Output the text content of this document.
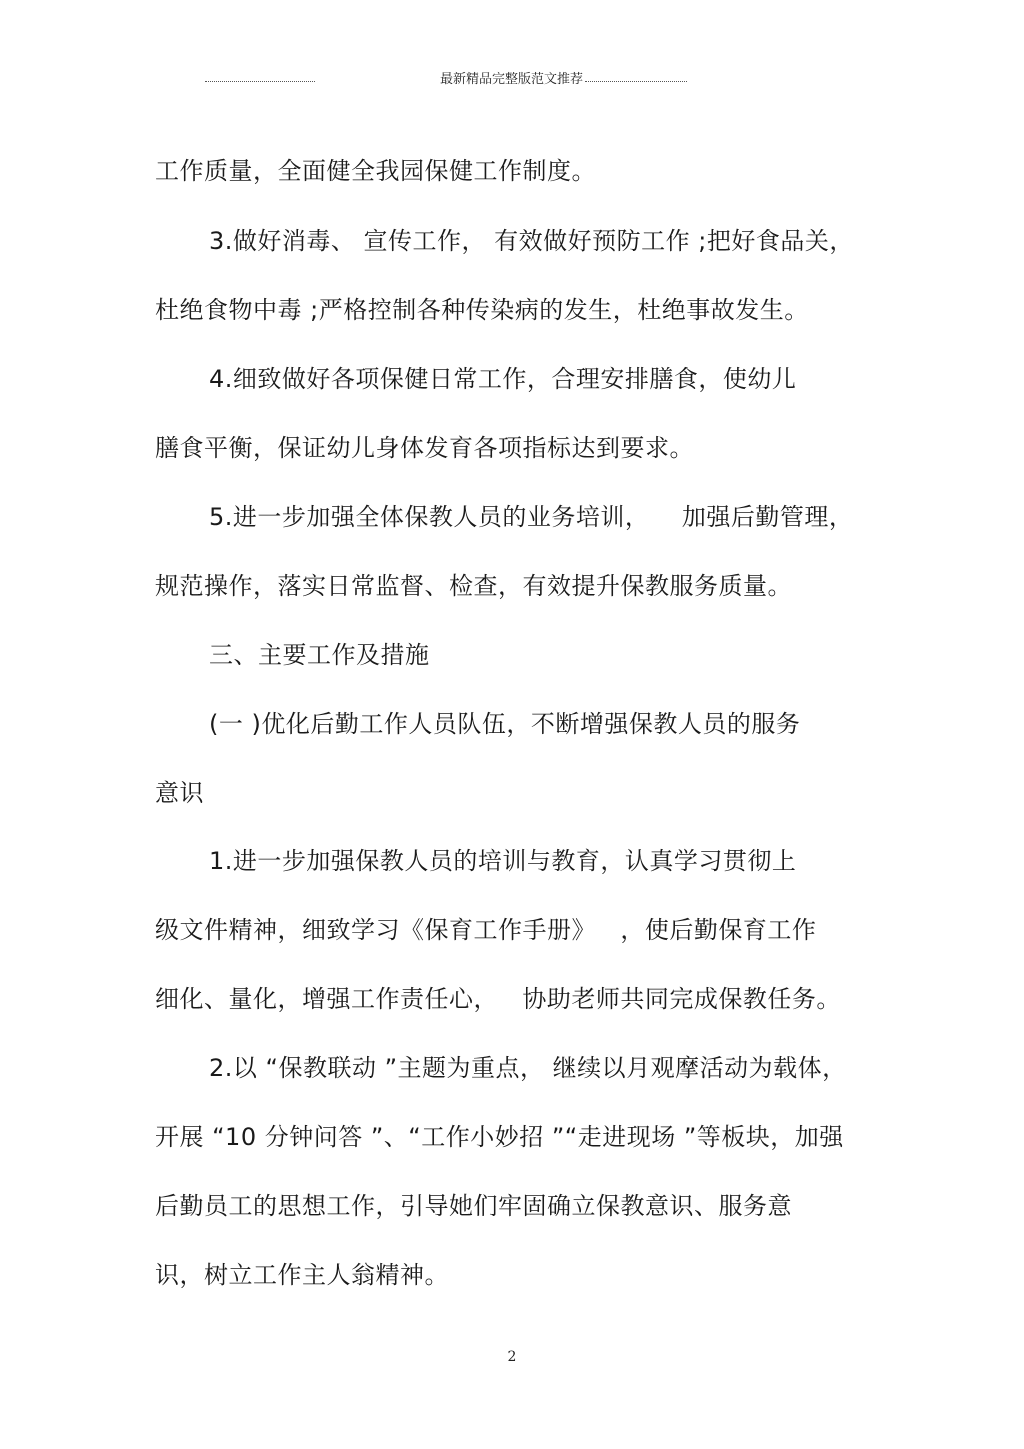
最新精品完整版范文推荐
工作质量，全面健全我园保健工作制度。
3.做好消毒、 宣传工作， 有效做好预防工作 ;把好食品关，
杜绝食物中毒 ;严格控制各种传染病的发生，杜绝事故发生。
4.细致做好各项保健日常工作，合理安排膳食，使幼儿
膳食平衡，保证幼儿身体发育各项指标达到要求。
5.进一步加强全体保教人员的业务培训，    加强后勤管理，
规范操作，落实日常监督、检查，有效提升保教服务质量。
三、主要工作及措施
(一 )优化后勤工作人员队伍，不断增强保教人员的服务
意识
1.进一步加强保教人员的培训与教育，认真学习贯彻上
级文件精神，细致学习《保育工作手册》   ，使后勤保育工作
细化、量化，增强工作责任心，   协助老师共同完成保教任务。
2.以 “保教联动 ”主题为重点， 继续以月观摩活动为载体，
开展 “10 分钟问答 ”、“工作小妙招 ”“走进现场 ”等板块，加强
后勤员工的思想工作，引导她们牢固确立保教意识、服务意
识，树立工作主人翁精神。
2
